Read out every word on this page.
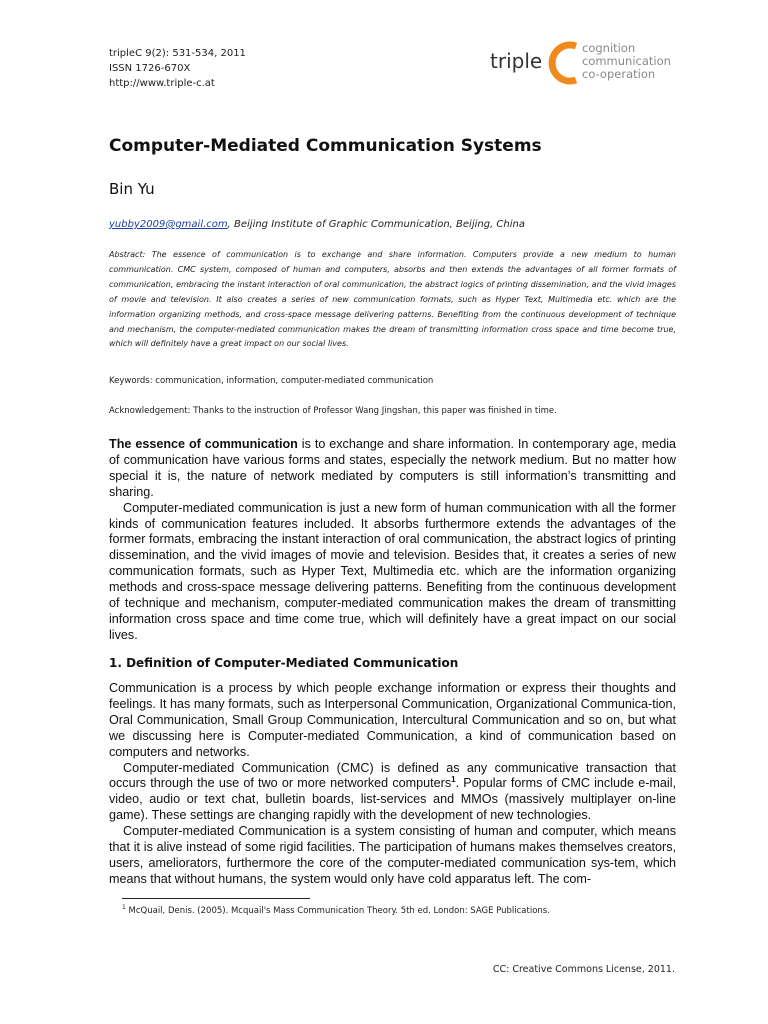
tripleC 9(2): 531-534, 2011
ISSN 1726-670X
http://www.triple-c.at
triple
cognition
communication
co-operation
Computer-Mediated Communication Systems
Bin Yu
yubby2009@gmail.com, Beijing Institute of Graphic Communication, Beijing, China

Abstract: The essence of communication is to exchange and share information. Computers provide a new medium to human communication. CMC system, composed of human and computers, absorbs and then extends the advantages of all former formats of communication, embracing the instant interaction of oral communication, the abstract logics of printing dissemination, and the vivid images of movie and television. It also creates a series of new communication formats, such as Hyper Text, Multimedia etc. which are the information organizing methods, and cross-space message delivering patterns. Benefiting from the continuous development of technique and mechanism, the computer-mediated communication makes the dream of transmitting information cross space and time become true, which will definitely have a great impact on our social lives.

Keywords: communication, information, computer-mediated communication
Acknowledgement: Thanks to the instruction of Professor Wang Jingshan, this paper was finished in time.

The essence of communication is to exchange and share information. In contemporary age, media of communication have various forms and states, especially the network medium. But no matter how special it is, the nature of network mediated by computers is still information’s transmitting and sharing.

Computer-mediated communication is just a new form of human communication with all the former kinds of communication features included. It absorbs furthermore extends the advantages of the former formats, embracing the instant interaction of oral communication, the abstract logics of printing dissemination, and the vivid images of movie and television. Besides that, it creates a series of new communication formats, such as Hyper Text, Multimedia etc. which are the information organizing methods and cross-space message delivering patterns. Benefiting from the continuous development of technique and mechanism, computer-mediated communication makes the dream of transmitting information cross space and time come true, which will definitely have a great impact on our social lives.

1. Definition of Computer-Mediated Communication

Communication is a process by which people exchange information or express their thoughts and feelings. It has many formats, such as Interpersonal Communication, Organizational Communica-tion, Oral Communication, Small Group Communication, Intercultural Communication and so on, but what we discussing here is Computer-mediated Communication, a kind of communication based on computers and networks.

Computer-mediated Communication (CMC) is defined as any communicative transaction that occurs through the use of two or more networked computers$^1$. Popular forms of CMC include e-mail, video, audio or text chat, bulletin boards, list-services and MMOs (massively multiplayer on-line game). These settings are changing rapidly with the development of new technologies.

Computer-mediated Communication is a system consisting of human and computer, which means that it is alive instead of some rigid facilities. The participation of humans makes themselves creators, users, ameliorators, furthermore the core of the computer-mediated communication sys-tem, which means that without humans, the system would only have cold apparatus left. The com-

$^1$ McQuail, Denis. (2005). Mcquail's Mass Communication Theory. 5th ed. London: SAGE Publications.
CC: Creative Commons License, 2011.
